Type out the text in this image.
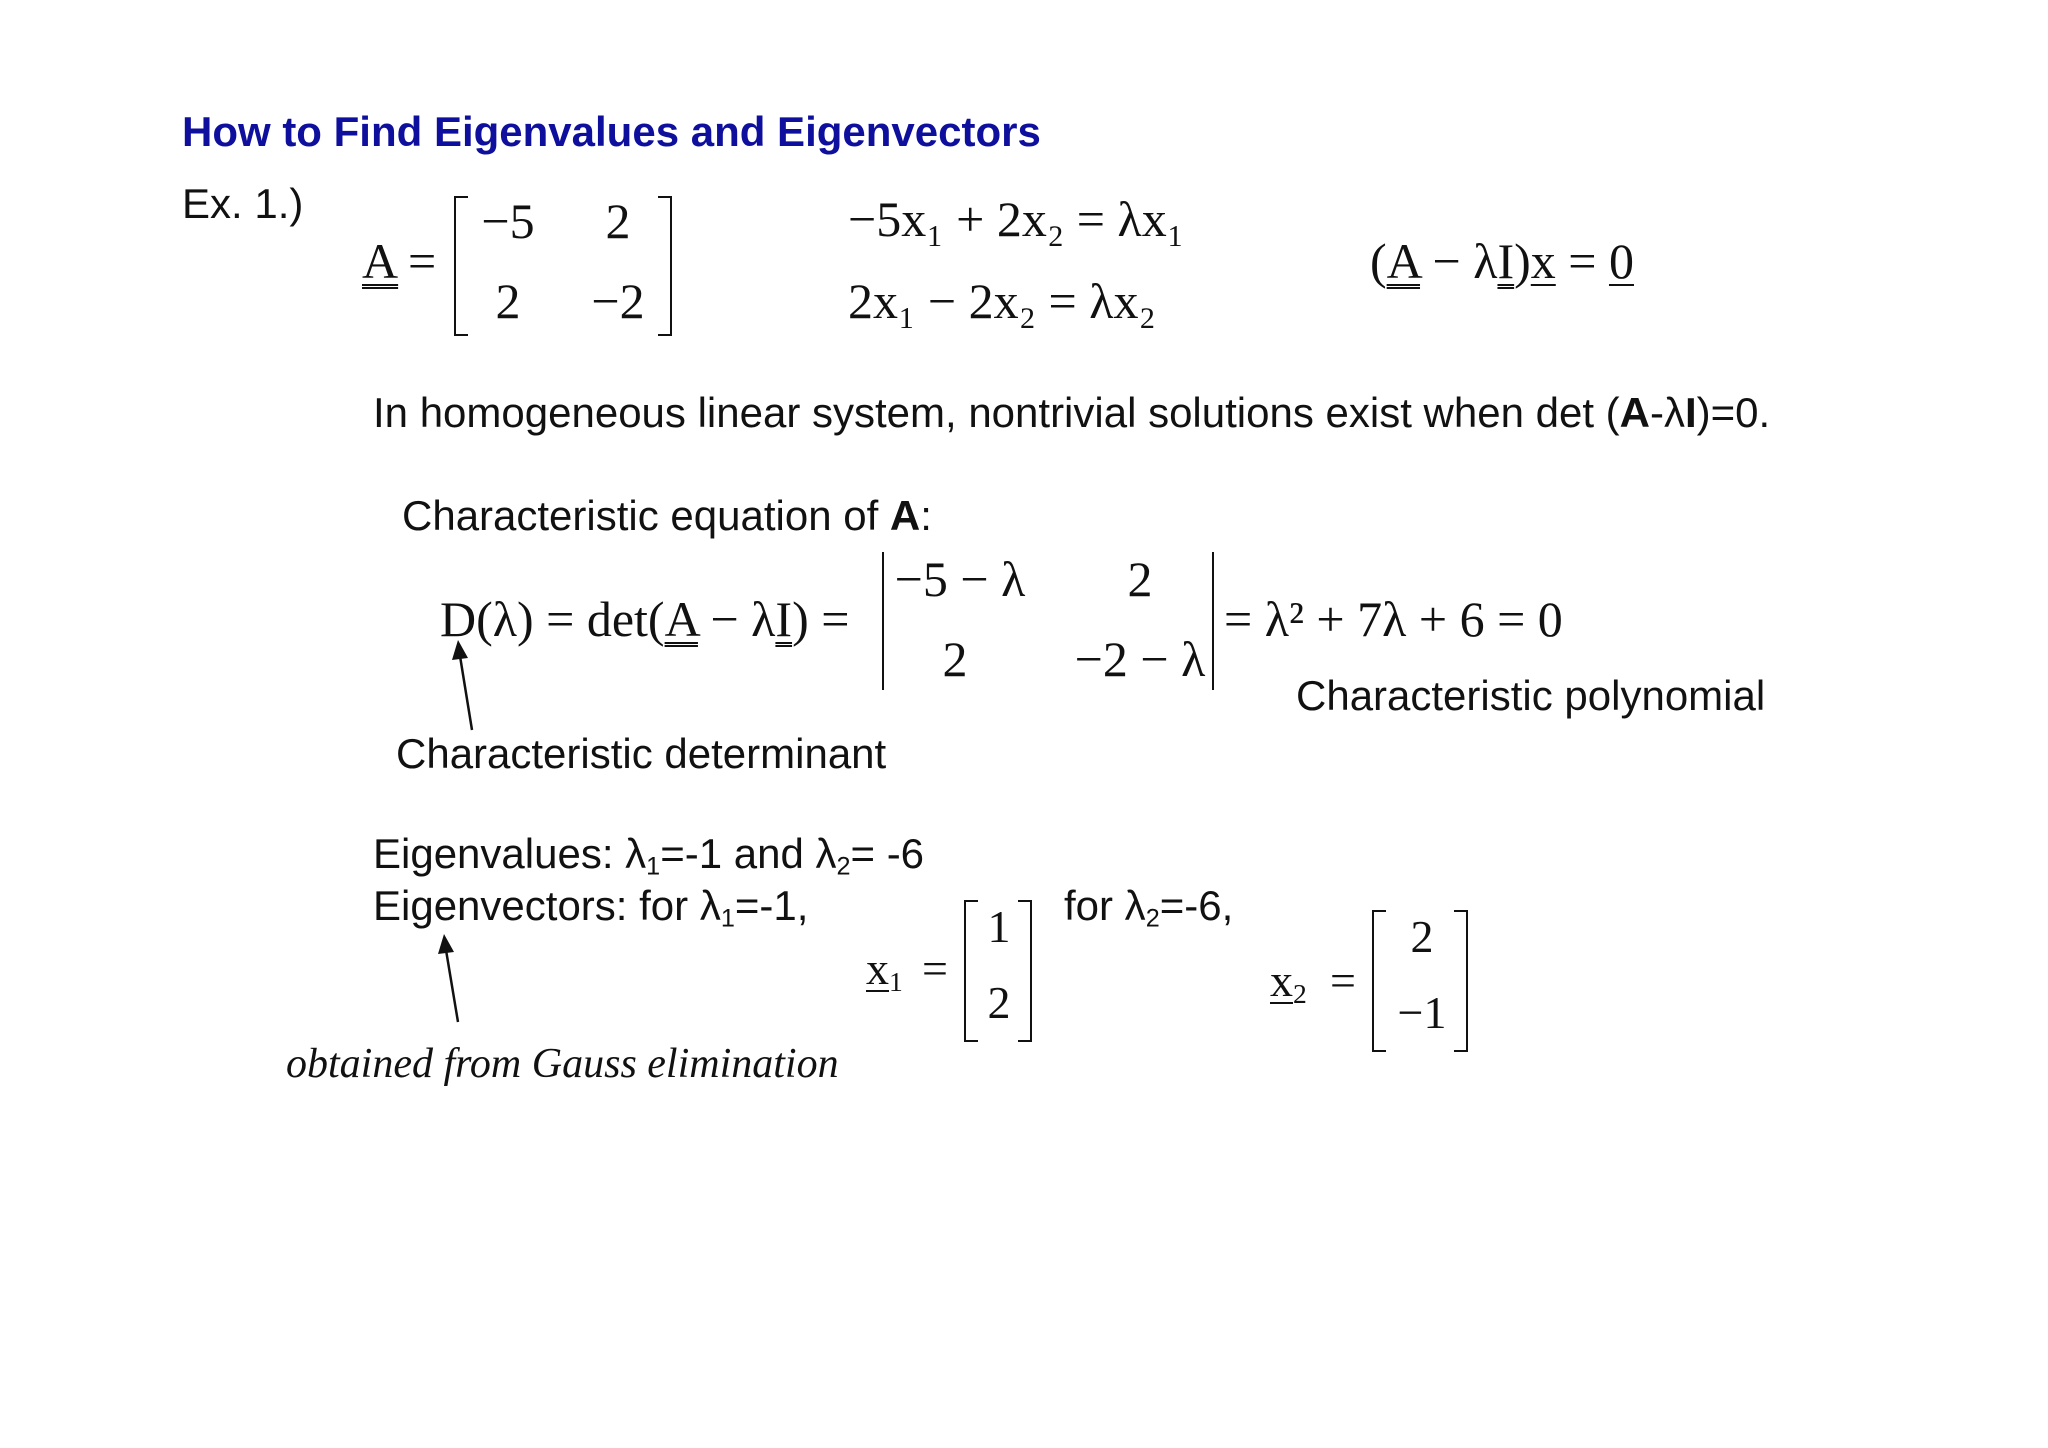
How to Find Eigenvalues and Eigenvectors
Ex. 1.)
A =
−5	2
2	−2
−5x₁ + 2x₂ = λx₁
2x₁ − 2x₂ = λx₂
(A − λI)x = 0
In homogeneous linear system, nontrivial solutions exist when det (A-λI)=0.
Characteristic equation of A:
D(λ) = det(A − λI) =
−5 − λ	2
2	−2 − λ
= λ² + 7λ + 6 = 0
Characteristic polynomial
Characteristic determinant
Eigenvalues: $\lambda_1=-1$ and $\lambda_2= -6$
Eigenvectors: for $\lambda_1=-1$,	for $\lambda_2=-6$,
$x_1$ =
1
2	$x_2$ =
2
−1
obtained from Gauss elimination
